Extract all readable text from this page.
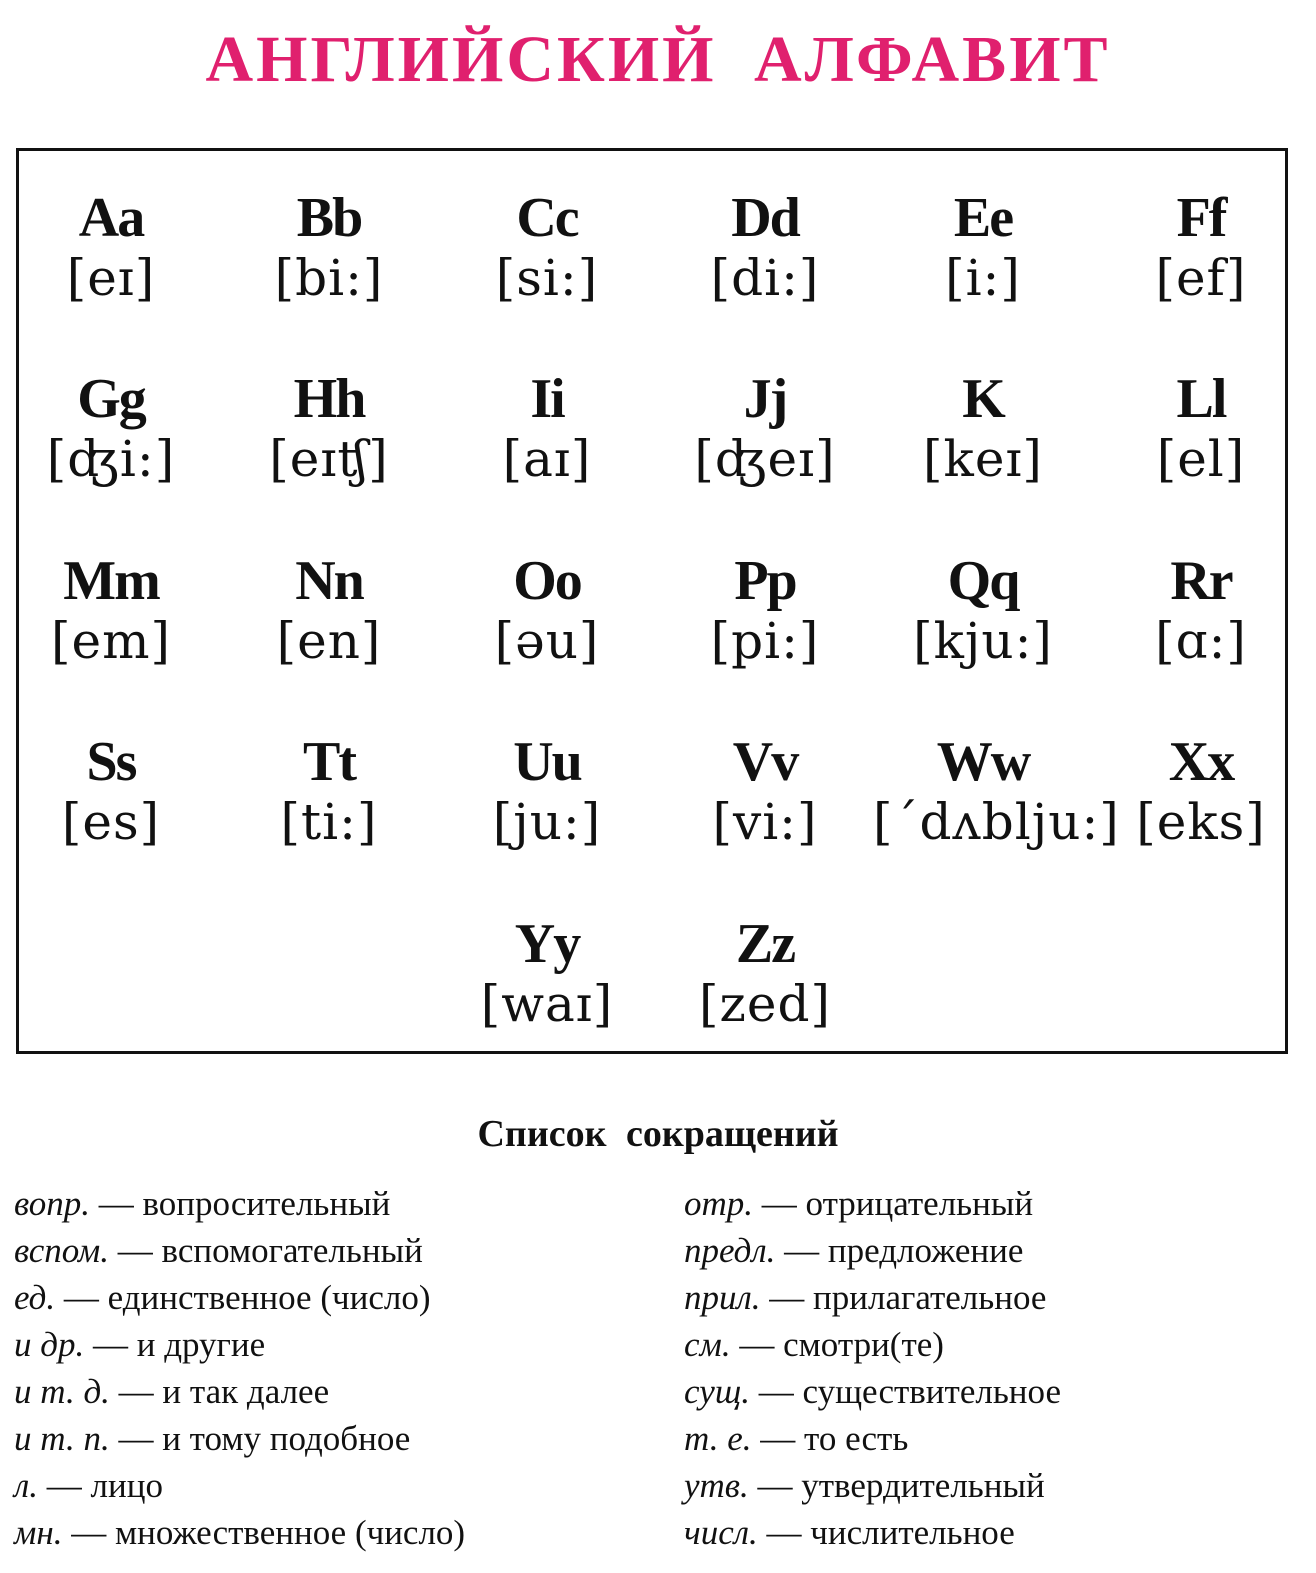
АНГЛИЙСКИЙ АЛФАВИТ
Aa
[eɪ]
Bb
[bi:]
Cc
[si:]
Dd
[di:]
Ee
[i:]
Ff
[ef]
Gg
[ʤi:]
Hh
[eɪʧ]
Ii
[aɪ]
Jj
[ʤeɪ]
K
[keɪ]
Ll
[el]
Mm
[em]
Nn
[en]
Oo
[əu]
Pp
[pi:]
Qq
[kju:]
Rr
[ɑ:]
Ss
[es]
Tt
[ti:]
Uu
[ju:]
Vv
[vi:]
Ww
[ˊdʌblju:]
Xx
[eks]
Yy
[waɪ]
Zz
[zed]
Список сокращений
вопр. — вопросительный
вспом. — вспомогательный
ед. — единственное (число)
и др. — и другие
и т. д. — и так далее
и т. п. — и тому подобное
л. — лицо
мн. — множественное (число)
отр. — отрицательный
предл. — предложение
прил. — прилагательное
см. — смотри(те)
сущ. — существительное
т. е. — то есть
утв. — утвердительный
числ. — числительное
